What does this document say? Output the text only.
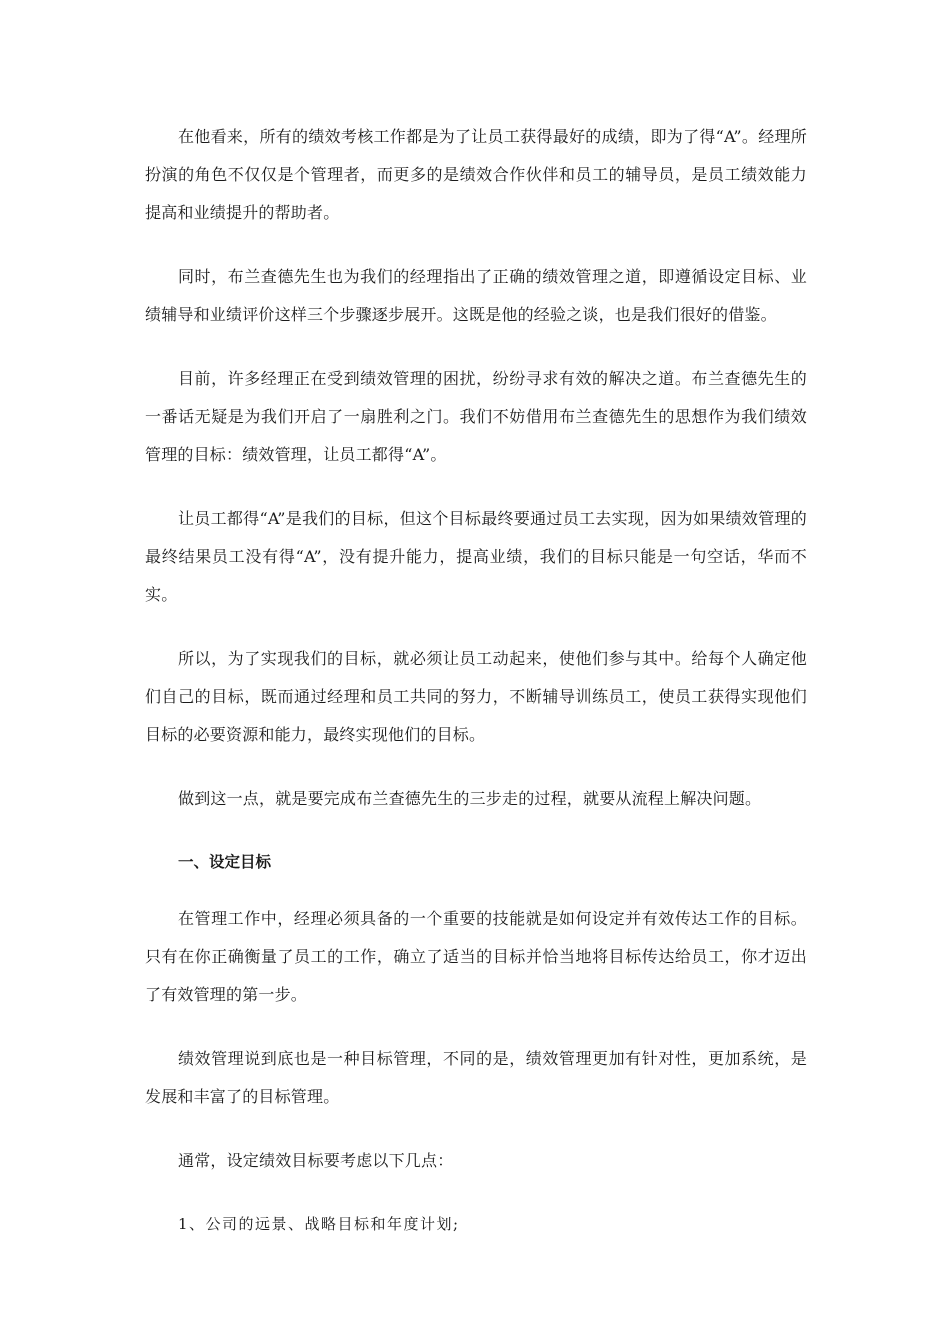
在他看来，所有的绩效考核工作都是为了让员工获得最好的成绩，即为了得“A”。经理所扮演的角色不仅仅是个管理者，而更多的是绩效合作伙伴和员工的辅导员，是员工绩效能力提高和业绩提升的帮助者。

同时，布兰查德先生也为我们的经理指出了正确的绩效管理之道，即遵循设定目标、业绩辅导和业绩评价这样三个步骤逐步展开。这既是他的经验之谈，也是我们很好的借鉴。

目前，许多经理正在受到绩效管理的困扰，纷纷寻求有效的解决之道。布兰查德先生的一番话无疑是为我们开启了一扇胜利之门。我们不妨借用布兰查德先生的思想作为我们绩效管理的目标：绩效管理，让员工都得“A”。

让员工都得“A”是我们的目标，但这个目标最终要通过员工去实现，因为如果绩效管理的最终结果员工没有得“A”，没有提升能力，提高业绩，我们的目标只能是一句空话，华而不实。

所以，为了实现我们的目标，就必须让员工动起来，使他们参与其中。给每个人确定他们自己的目标，既而通过经理和员工共同的努力，不断辅导训练员工，使员工获得实现他们目标的必要资源和能力，最终实现他们的目标。

做到这一点，就是要完成布兰查德先生的三步走的过程，就要从流程上解决问题。

一、设定目标

在管理工作中，经理必须具备的一个重要的技能就是如何设定并有效传达工作的目标。只有在你正确衡量了员工的工作，确立了适当的目标并恰当地将目标传达给员工，你才迈出了有效管理的第一步。

绩效管理说到底也是一种目标管理，不同的是，绩效管理更加有针对性，更加系统，是发展和丰富了的目标管理。

通常，设定绩效目标要考虑以下几点：

1、公司的远景、战略目标和年度计划;
